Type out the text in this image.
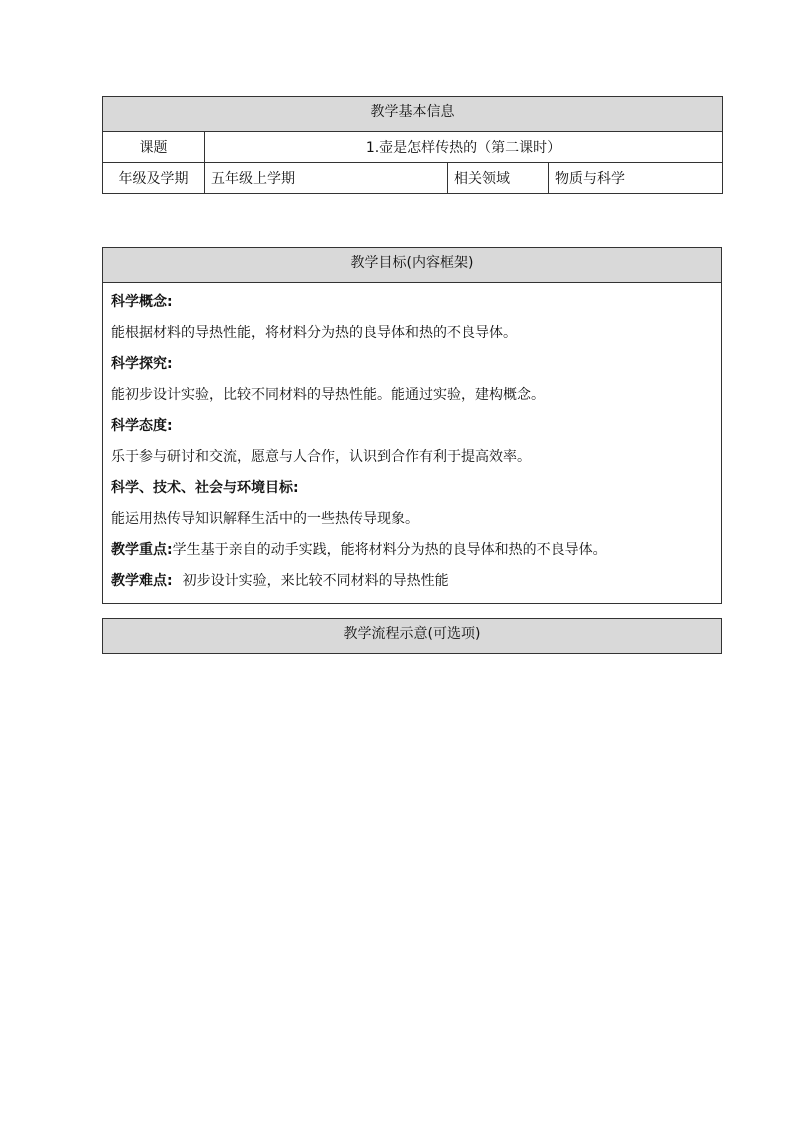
教学基本信息			
课题	1.壶是怎样传热的（第二课时）		
年级及学期	五年级上学期	相关领域	物质与科学
教学目标(内容框架)

科学概念:
能根据材料的导热性能，将材料分为热的良导体和热的不良导体。
科学探究:
能初步设计实验，比较不同材料的导热性能。能通过实验，建构概念。
科学态度:
乐于参与研讨和交流，愿意与人合作，认识到合作有利于提高效率。
科学、技术、社会与环境目标:
能运用热传导知识解释生活中的一些热传导现象。
教学重点:学生基于亲自的动手实践，能将材料分为热的良导体和热的不良导体。
教学难点: 初步设计实验，来比较不同材料的导热性能
教学流程示意(可选项)
